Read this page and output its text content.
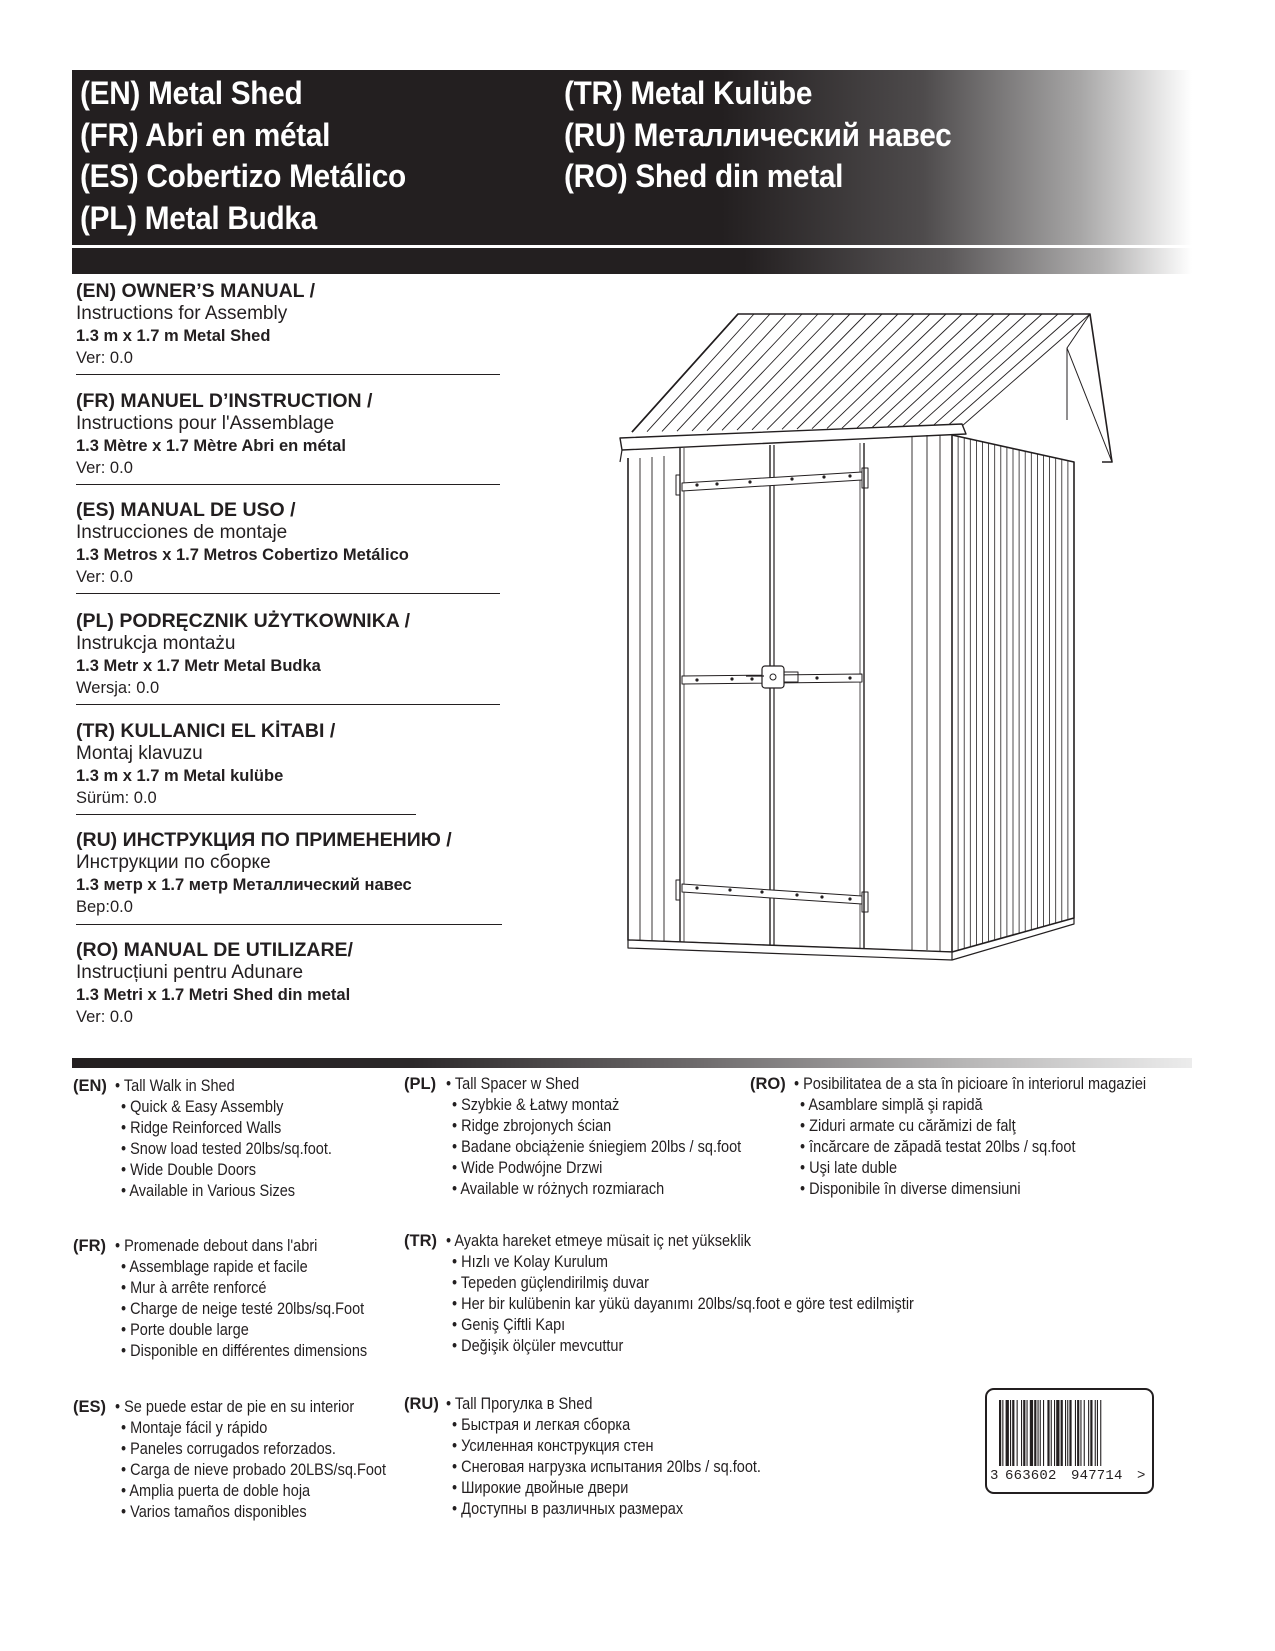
(EN) Metal Shed
(FR) Abri en métal
(ES) Cobertizo Metálico
(PL) Metal Budka
(TR) Metal Kulübe
(RU) Металлический навес
(RO) Shed din metal
(EN) OWNER’S MANUAL /
Instructions for Assembly
1.3 m x 1.7 m Metal Shed
Ver: 0.0
(FR) MANUEL D’INSTRUCTION /
Instructions pour l'Assemblage
1.3 Mètre x 1.7 Mètre Abri en métal
Ver: 0.0
(ES) MANUAL DE USO /
Instrucciones de montaje
1.3 Metros x 1.7 Metros Cobertizo Metálico
Ver: 0.0
(PL) PODRĘCZNIK UŻYTKOWNIKA /
Instrukcja montażu
1.3 Metr x 1.7 Metr Metal Budka
Wersja: 0.0
(TR) KULLANICI EL KİTABI /
Montaj klavuzu
1.3 m x 1.7 m Metal kulübe
Sürüm: 0.0
(RU) ИНСТРУКЦИЯ ПО ПРИМЕНЕНИЮ /
Инструкции по сборке
1.3 метр x 1.7 метр Металлический навес
Bep:0.0
(RO) MANUAL DE UTILIZARE/
Instrucțiuni pentru Adunare
1.3 Metri x 1.7 Metri Shed din metal
Ver: 0.0
(EN) • Tall Walk in Shed
• Quick & Easy Assembly
• Ridge Reinforced Walls
• Snow load tested 20lbs/sq.foot.
• Wide Double Doors
• Available in Various Sizes
(FR) • Promenade debout dans l'abri
• Assemblage rapide et facile
• Mur à arrête renforcé
• Charge de neige testé 20lbs/sq.Foot
• Porte double large
• Disponible en différentes dimensions
(ES) • Se puede estar de pie en su interior
• Montaje fácil y rápido
• Paneles corrugados reforzados.
• Carga de nieve probado 20LBS/sq.Foot
• Amplia puerta de doble hoja
• Varios tamaños disponibles
(PL) • Tall Spacer w Shed
• Szybkie & Łatwy montaż
• Ridge zbrojonych ścian
• Badane obciążenie śniegiem 20lbs / sq.foot
• Wide Podwójne Drzwi
• Available w różnych rozmiarach
(TR) • Ayakta hareket etmeye müsait iç net yükseklik
• Hızlı ve Kolay Kurulum
• Tepeden güçlendirilmiş duvar
• Her bir kulübenin kar yükü dayanımı 20lbs/sq.foot e göre test edilmiştir
• Geniş Çiftli Kapı
• Değişik ölçüler mevcuttur
(RU) • Tall Прогулка в Shed
• Быстрая и легкая сборка
• Усиленная конструкция стен
• Снеговая нагрузка испытания 20lbs / sq.foot.
• Широкие двойные двери
• Доступны в различных размерах
(RO) • Posibilitatea de a sta în picioare în interiorul magaziei
• Asamblare simplă şi rapidă
• Ziduri armate cu cărămizi de falţ
• încărcare de zăpadă testat 20lbs / sq.foot
• Uşi late duble
• Disponibile în diverse dimensiuni
3 663602 947714 >
